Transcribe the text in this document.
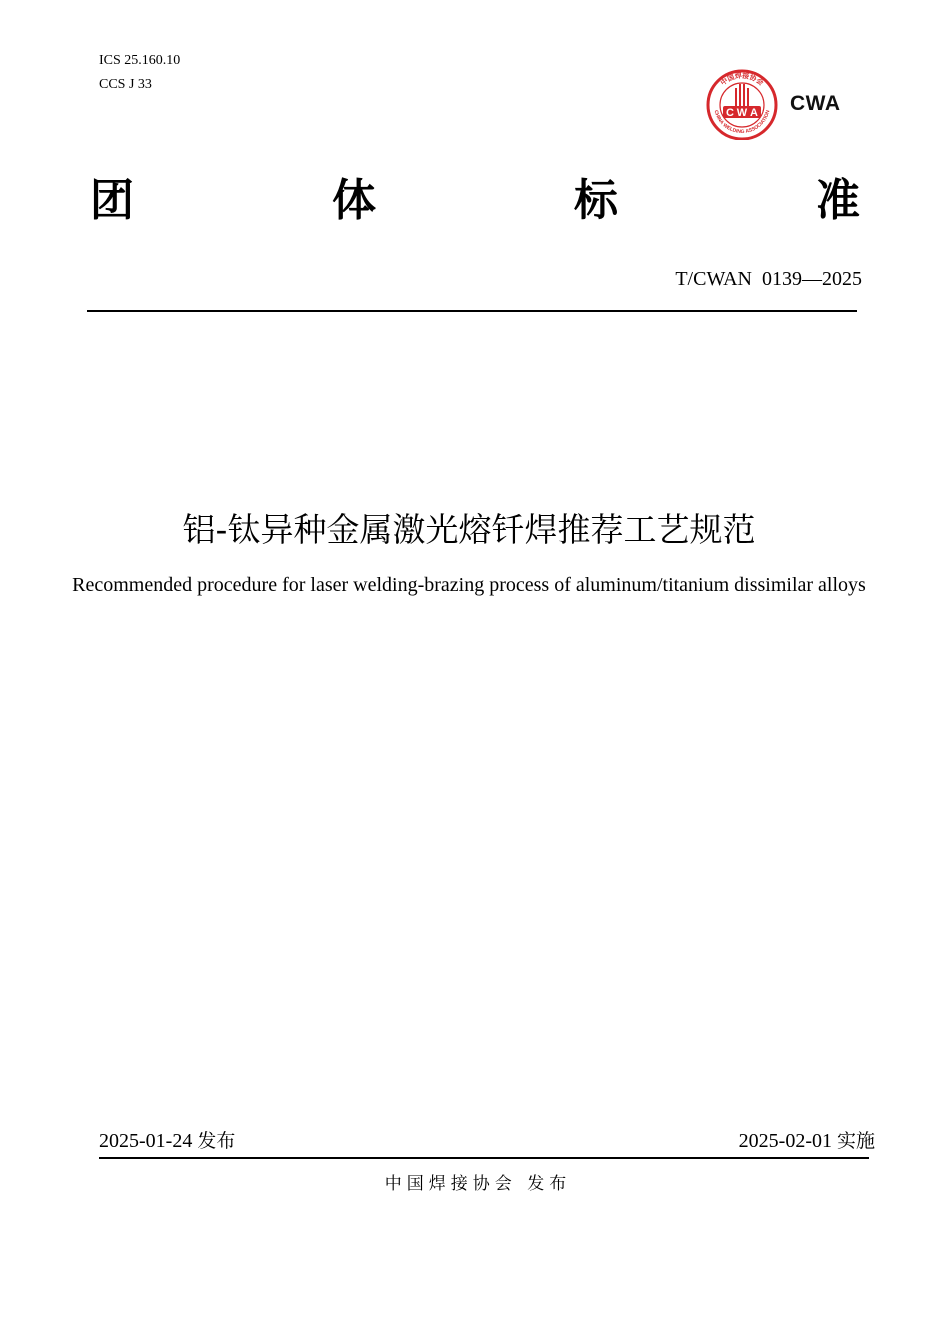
ICS 25.160.10
CCS J 33	中国焊接协会
CHINA WELDING ASSOCIATION
C W A CWA
团	体	标	准
T/CWAN  0139—2025
铝-钛异种金属激光熔钎焊推荐工艺规范
Recommended procedure for laser welding-brazing process of aluminum/titanium dissimilar alloys
2025-01-24 发布	2025-02-01 实施
中国焊接协会 发布
